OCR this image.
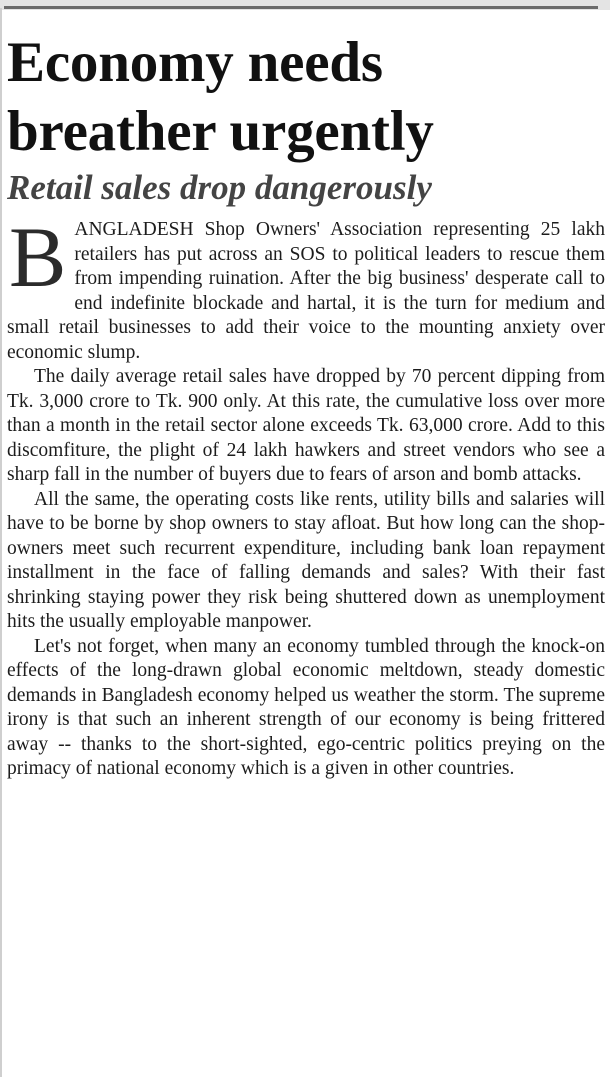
Economy needs
breather urgently
Retail sales drop dangerously

BANGLADESH Shop Owners' Association representing 25 lakh retailers has put across an SOS to political leaders to rescue them from impending ruination. After the big business' desperate call to end indefinite blockade and hartal, it is the turn for medium and small retail businesses to add their voice to the mounting anxiety over economic slump.

The daily average retail sales have dropped by 70 percent dipping from Tk. 3,000 crore to Tk. 900 only. At this rate, the cumulative loss over more than a month in the retail sector alone exceeds Tk. 63,000 crore. Add to this discomfiture, the plight of 24 lakh hawkers and street vendors who see a sharp fall in the number of buyers due to fears of arson and bomb attacks.

All the same, the operating costs like rents, utility bills and salaries will have to be borne by shop owners to stay afloat. But how long can the shop-owners meet such recurrent expenditure, including bank loan repayment installment in the face of falling demands and sales? With their fast shrinking staying power they risk being shuttered down as unemployment hits the usually employable manpower.

Let's not forget, when many an economy tumbled through the knock-on effects of the long-drawn global economic meltdown, steady domestic demands in Bangladesh economy helped us weather the storm. The supreme irony is that such an inherent strength of our economy is being frittered away -- thanks to the short-sighted, ego-centric politics preying on the primacy of national economy which is a given in other countries.
